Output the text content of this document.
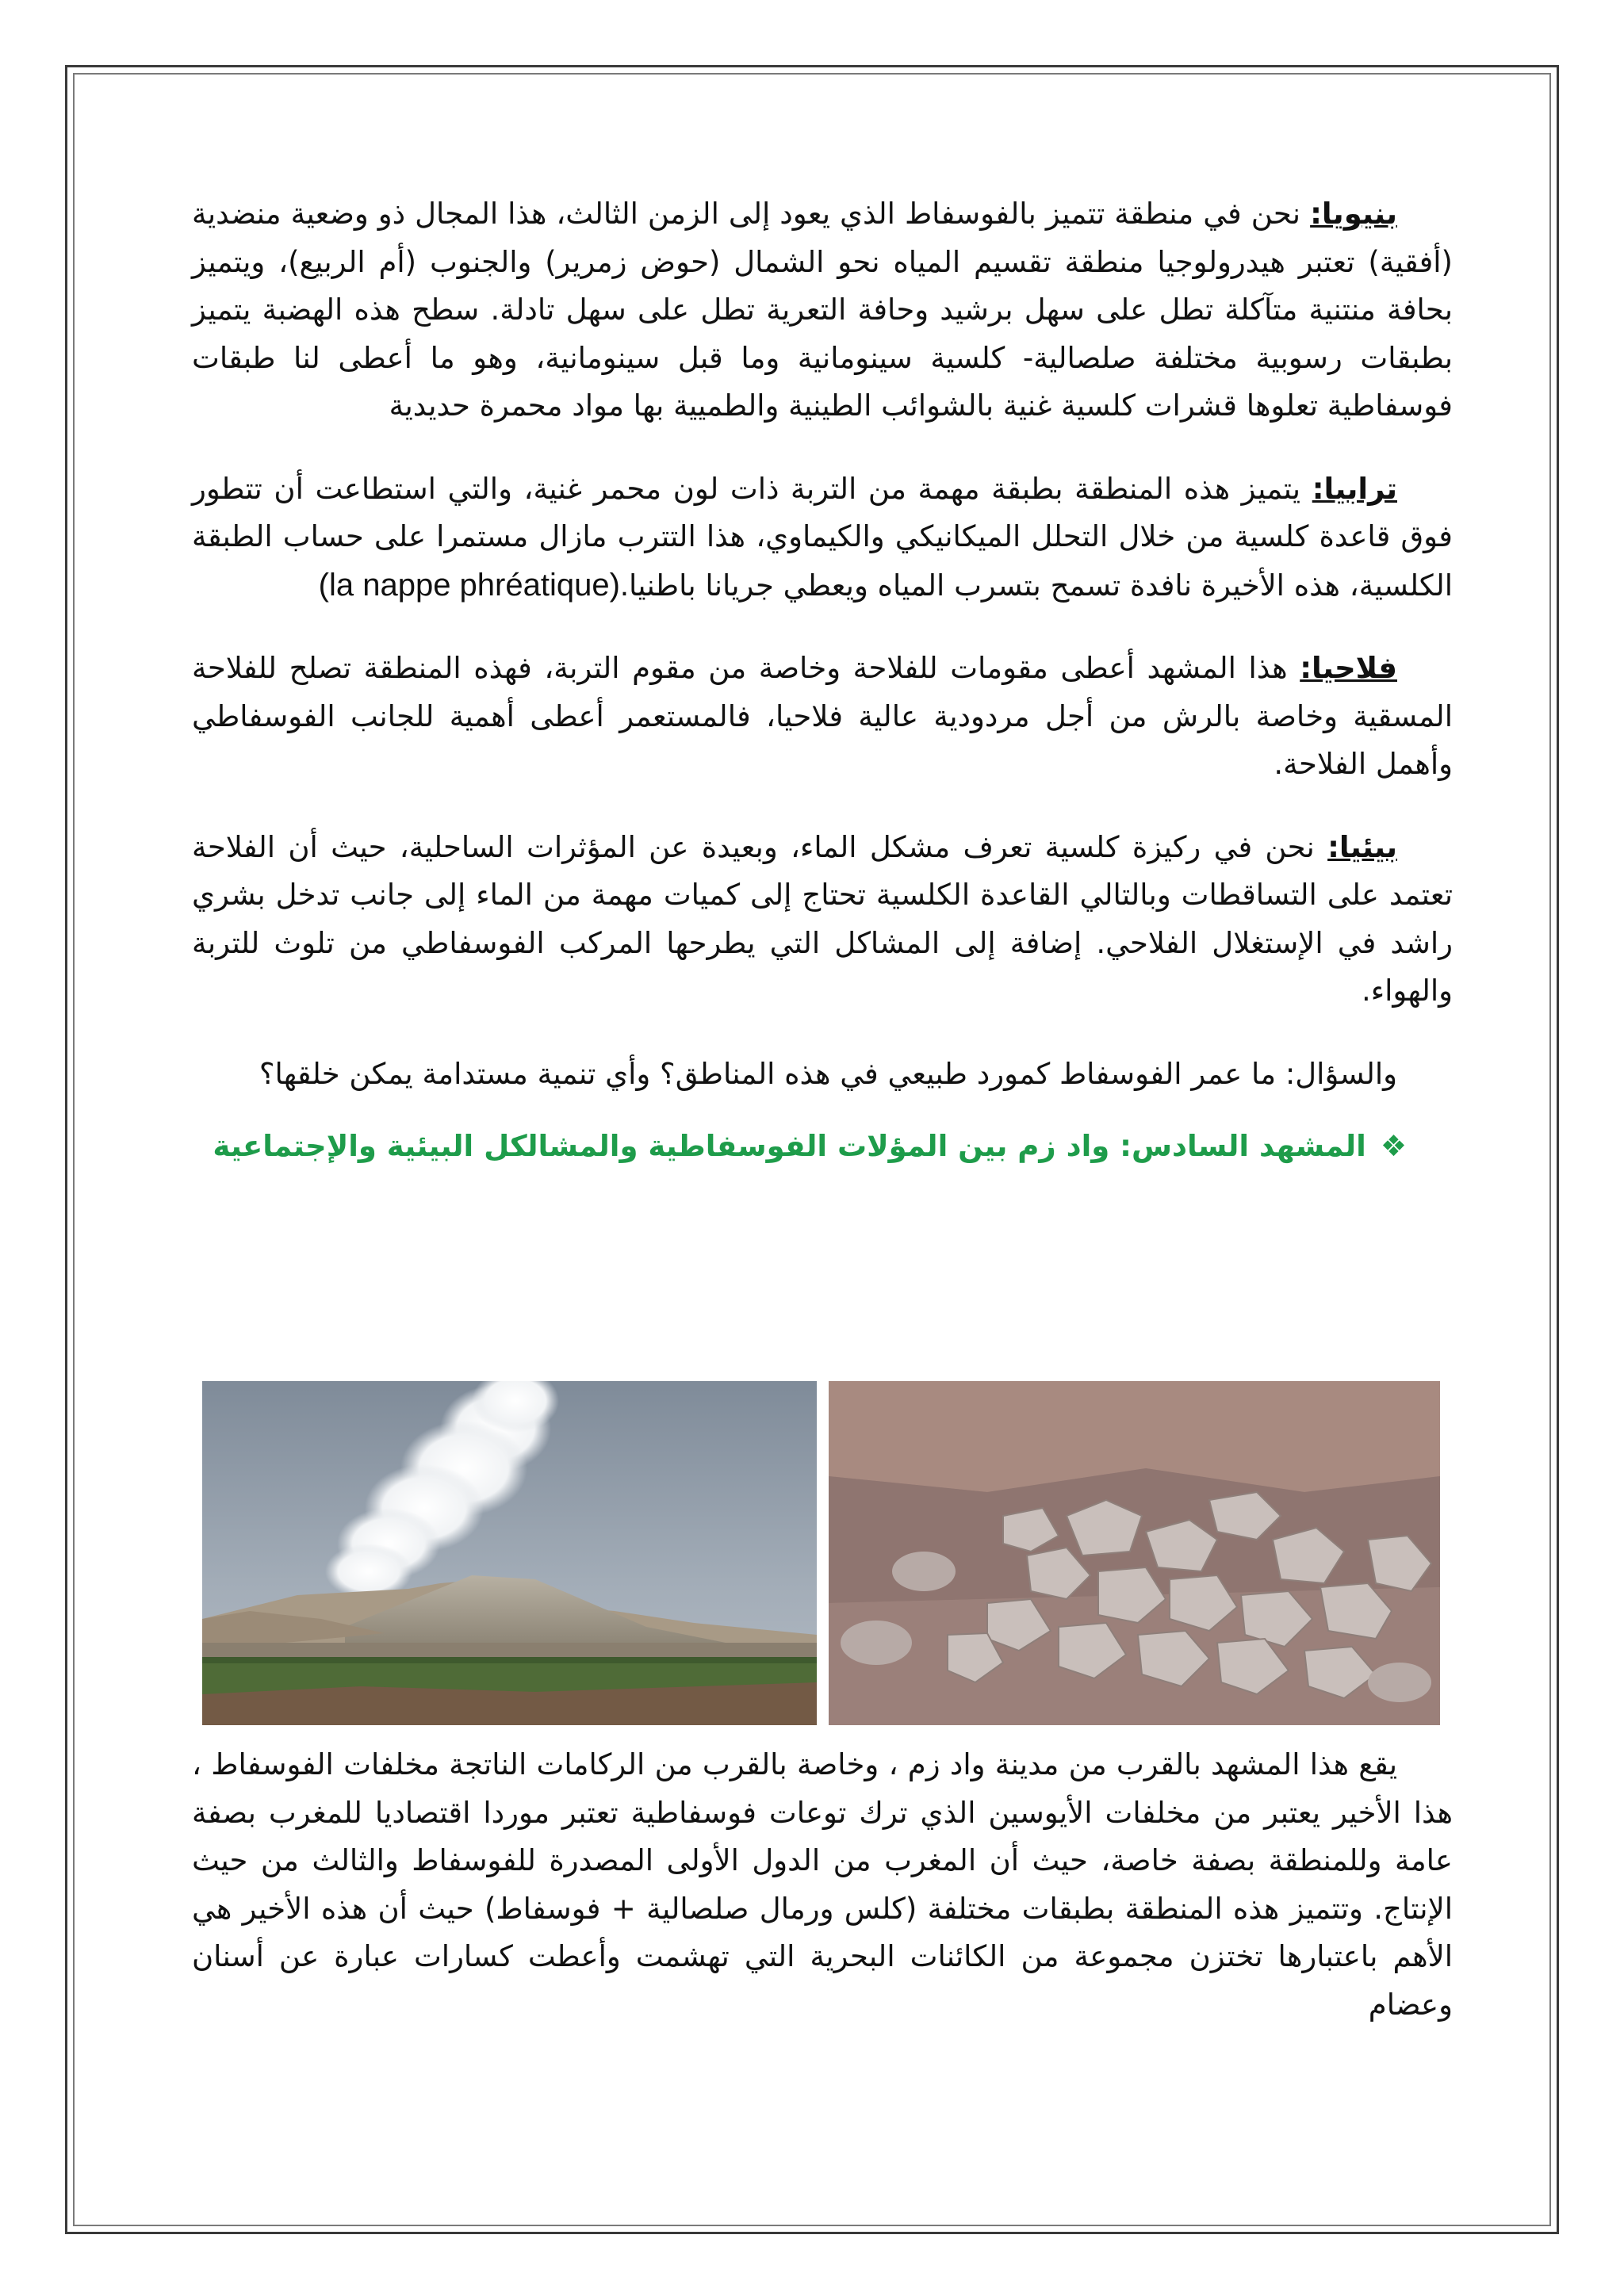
بنيويا: نحن في منطقة تتميز بالفوسفاط الذي يعود إلى الزمن الثالث، هذا المجال ذو وضعية منضدية (أفقية) تعتبر هيدرولوجيا منطقة تقسيم المياه نحو الشمال (حوض زمرير) والجنوب (أم الربيع)، ويتميز بحافة منتنية متآكلة تطل على سهل برشيد وحافة التعرية تطل على سهل تادلة. سطح هذه الهضبة يتميز بطبقات رسوبية مختلفة صلصالية- كلسية سينومانية وما قبل سينومانية، وهو ما أعطى لنا طبقات فوسفاطية تعلوها قشرات كلسية غنية بالشوائب الطينية والطميية بها مواد محمرة حديدية

ترابيا: يتميز هذه المنطقة بطبقة مهمة من التربة ذات لون محمر غنية، والتي استطاعت أن تتطور فوق قاعدة كلسية من خلال التحلل الميكانيكي والكيماوي، هذا التترب مازال مستمرا على حساب الطبقة الكلسية، هذه الأخيرة نافدة تسمح بتسرب المياه ويعطي جريانا باطنيا(la nappe phréatique).

فلاحيا: هذا المشهد أعطى مقومات للفلاحة وخاصة من مقوم التربة، فهذه المنطقة تصلح للفلاحة المسقية وخاصة بالرش من أجل مردودية عالية فلاحيا، فالمستعمر أعطى أهمية للجانب الفوسفاطي وأهمل الفلاحة.

بيئيا: نحن في ركيزة كلسية تعرف مشكل الماء، وبعيدة عن المؤثرات الساحلية، حيث أن الفلاحة تعتمد على التساقطات وبالتالي القاعدة الكلسية تحتاج إلى كميات مهمة من الماء إلى جانب تدخل بشري راشد في الإستغلال الفلاحي. إضافة إلى المشاكل التي يطرحها المركب الفوسفاطي من تلوث للتربة والهواء.

والسؤال: ما عمر الفوسفاط كمورد طبيعي في هذه المناطق؟ وأي تنمية مستدامة يمكن خلقها؟

❖المشهد السادس: واد زم بين المؤلات الفوسفاطية والمشالكل البيئية والإجتماعية

يقع هذا المشهد بالقرب من مدينة واد زم ، وخاصة بالقرب من الركامات الناتجة مخلفات الفوسفاط ، هذا الأخير يعتبر من مخلفات الأيوسين الذي ترك توعات فوسفاطية تعتبر موردا اقتصاديا للمغرب بصفة عامة وللمنطقة بصفة خاصة، حيث أن المغرب من الدول الأولى المصدرة للفوسفاط والثالث من حيث الإنتاج. وتتميز هذه المنطقة بطبقات مختلفة (كلس ورمال صلصالية + فوسفاط) حيث أن هذه الأخير هي الأهم باعتبارها تختزن مجموعة من الكائنات البحرية التي تهشمت وأعطت كسارات عبارة عن أسنان وعضام
